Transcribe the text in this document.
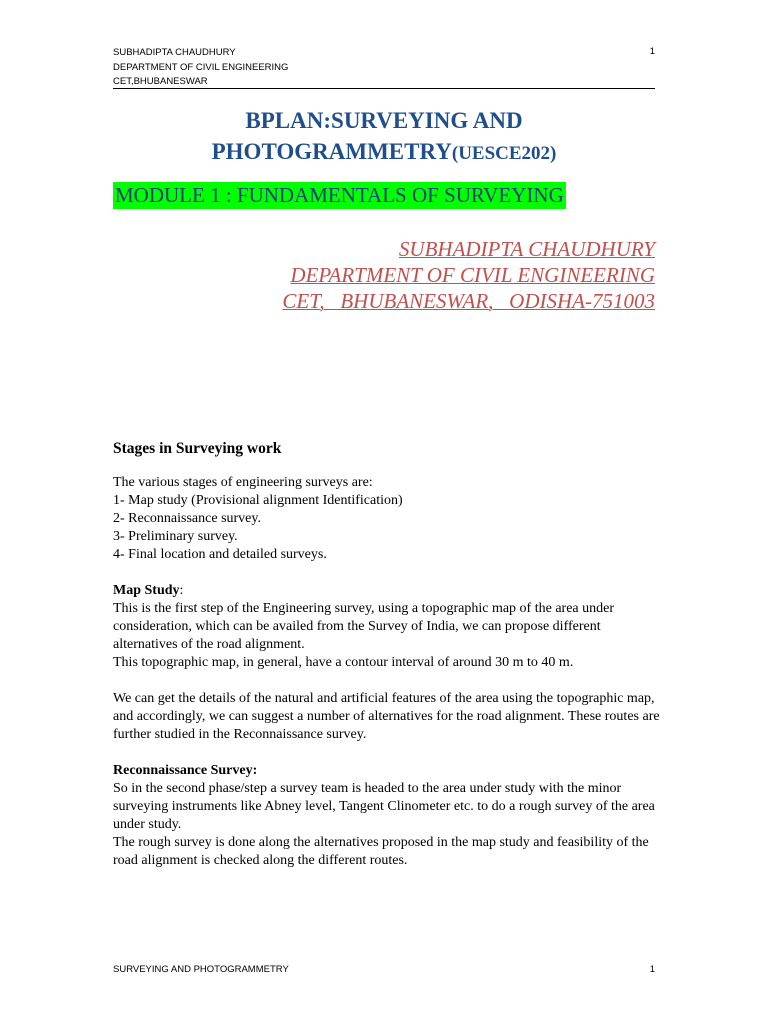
SUBHADIPTA CHAUDHURY
DEPARTMENT OF CIVIL ENGINEERING
CET,BHUBANESWAR
1
BPLAN:SURVEYING AND
PHOTOGRAMMETRY(UESCE202)
MODULE 1 : FUNDAMENTALS OF SURVEYING
SUBHADIPTA CHAUDHURY
DEPARTMENT OF CIVIL ENGINEERING
CET,   BHUBANESWAR,   ODISHA-751003
Stages in Surveying work

The various stages of engineering surveys are:

1- Map study (Provisional alignment Identification)
2- Reconnaissance survey.
3- Preliminary survey.
4- Final location and detailed surveys.

Map Study:

This is the first step of the Engineering survey, using a topographic map of the area under consideration, which can be availed from the Survey of India, we can propose different alternatives of the road alignment.

This topographic map, in general, have a contour interval of around 30 m to 40 m.

We can get the details of the natural and artificial features of the area using the topographic map, and accordingly, we can suggest a number of alternatives for the road alignment. These routes are further studied in the Reconnaissance survey.

Reconnaissance Survey:

So in the second phase/step a survey team is headed to the area under study with the minor surveying instruments like Abney level, Tangent Clinometer etc. to do a rough survey of the area under study.

The rough survey is done along the alternatives proposed in the map study and feasibility of the road alignment is checked along the different routes.

SURVEYING AND PHOTOGRAMMETRY	1
